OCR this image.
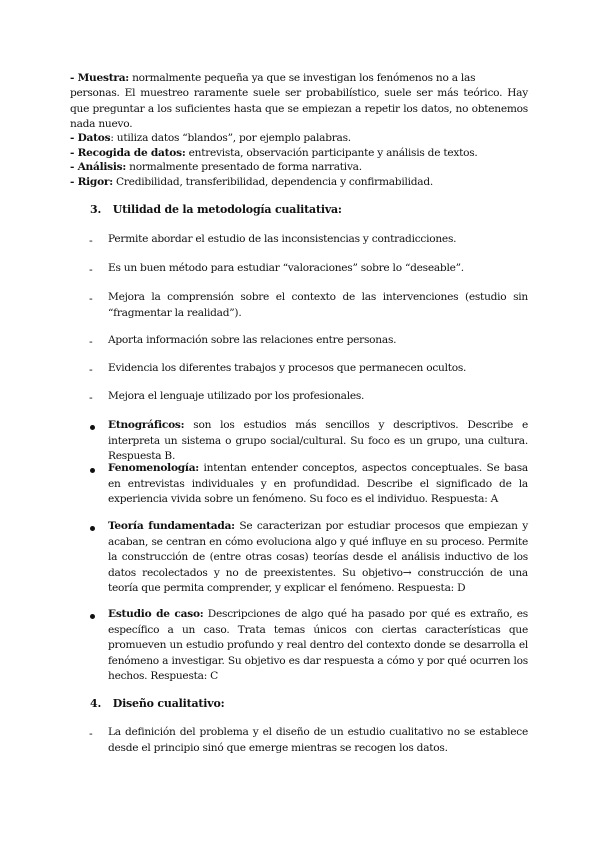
- Muestra: normalmente pequeña ya que se investigan los fenómenos no a las
personas. El muestreo raramente suele ser probabilístico, suele ser más teórico. Hay que preguntar a los suficientes hasta que se empiezan a repetir los datos, no obtenemos nada nuevo.
- Datos: utiliza datos “blandos”, por ejemplo palabras.
- Recogida de datos: entrevista, observación participante y análisis de textos.
- Análisis: normalmente presentado de forma narrativa.
- Rigor: Credibilidad, transferibilidad, dependencia y confirmabilidad.
3. Utilidad de la metodología cualitativa:
- Permite abordar el estudio de las inconsistencias y contradicciones.
- Es un buen método para estudiar “valoraciones” sobre lo “deseable”.
- Mejora la comprensión sobre el contexto de las intervenciones (estudio sin “fragmentar la realidad”).
- Aporta información sobre las relaciones entre personas.
- Evidencia los diferentes trabajos y procesos que permanecen ocultos.
- Mejora el lenguaje utilizado por los profesionales.
Etnográficos: son los estudios más sencillos y descriptivos. Describe e interpreta un sistema o grupo social/cultural. Su foco es un grupo, una cultura. Respuesta B.
Fenomenología: intentan entender conceptos, aspectos conceptuales. Se basa en entrevistas individuales y en profundidad. Describe el significado de la experiencia vivida sobre un fenómeno. Su foco es el individuo. Respuesta: A
Teoría fundamentada: Se caracterizan por estudiar procesos que empiezan y acaban, se centran en cómo evoluciona algo y qué influye en su proceso. Permite la construcción de (entre otras cosas) teorías desde el análisis inductivo de los datos recolectados y no de preexistentes. Su objetivo→ construcción de una teoría que permita comprender, y explicar el fenómeno. Respuesta: D
Estudio de caso: Descripciones de algo qué ha pasado por qué es extraño, es específico a un caso. Trata temas únicos con ciertas características que promueven un estudio profundo y real dentro del contexto donde se desarrolla el fenómeno a investigar. Su objetivo es dar respuesta a cómo y por qué ocurren los hechos. Respuesta: C
4. Diseño cualitativo:
- La definición del problema y el diseño de un estudio cualitativo no se establece desde el principio sinó que emerge mientras se recogen los datos.
